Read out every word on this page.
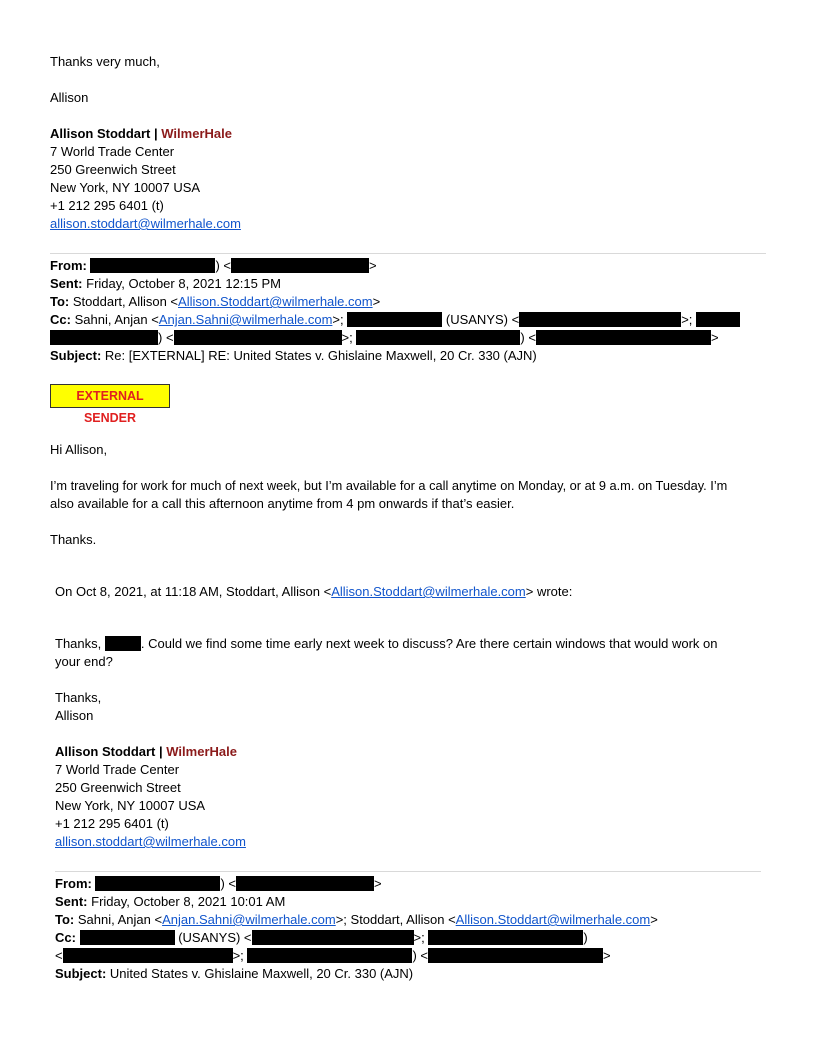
Thanks very much,
Allison
Allison Stoddart | WilmerHale
7 World Trade Center
250 Greenwich Street
New York, NY 10007 USA
+1 212 295 6401 (t)
allison.stoddart@wilmerhale.com
From:	) <	>
Sent: Friday, October 8, 2021 12:15 PM
To: Stoddart, Allison <Allison.Stoddart@wilmerhale.com>
Cc: Sahni, Anjan <Anjan.Sahni@wilmerhale.com>;	(USANYS) <	>;
) <	>;	) <	>
Subject: Re: [EXTERNAL] RE: United States v. Ghislaine Maxwell, 20 Cr. 330 (AJN)
EXTERNAL SENDER
Hi Allison,
I’m traveling for work for much of next week, but I’m available for a call anytime on Monday, or at 9 a.m. on Tuesday. I’m
also available for a call this afternoon anytime from 4 pm onwards if that’s easier.
Thanks.
On Oct 8, 2021, at 11:18 AM, Stoddart, Allison <Allison.Stoddart@wilmerhale.com> wrote:
Thanks,	. Could we find some time early next week to discuss? Are there certain windows that would work on
your end?
Thanks,
Allison
Allison Stoddart | WilmerHale
7 World Trade Center
250 Greenwich Street
New York, NY 10007 USA
+1 212 295 6401 (t)
allison.stoddart@wilmerhale.com
From:	) <	>
Sent: Friday, October 8, 2021 10:01 AM
To: Sahni, Anjan <Anjan.Sahni@wilmerhale.com>; Stoddart, Allison <Allison.Stoddart@wilmerhale.com>
Cc:	(USANYS) <	>;	)
<	>;	) <	>
Subject: United States v. Ghislaine Maxwell, 20 Cr. 330 (AJN)
